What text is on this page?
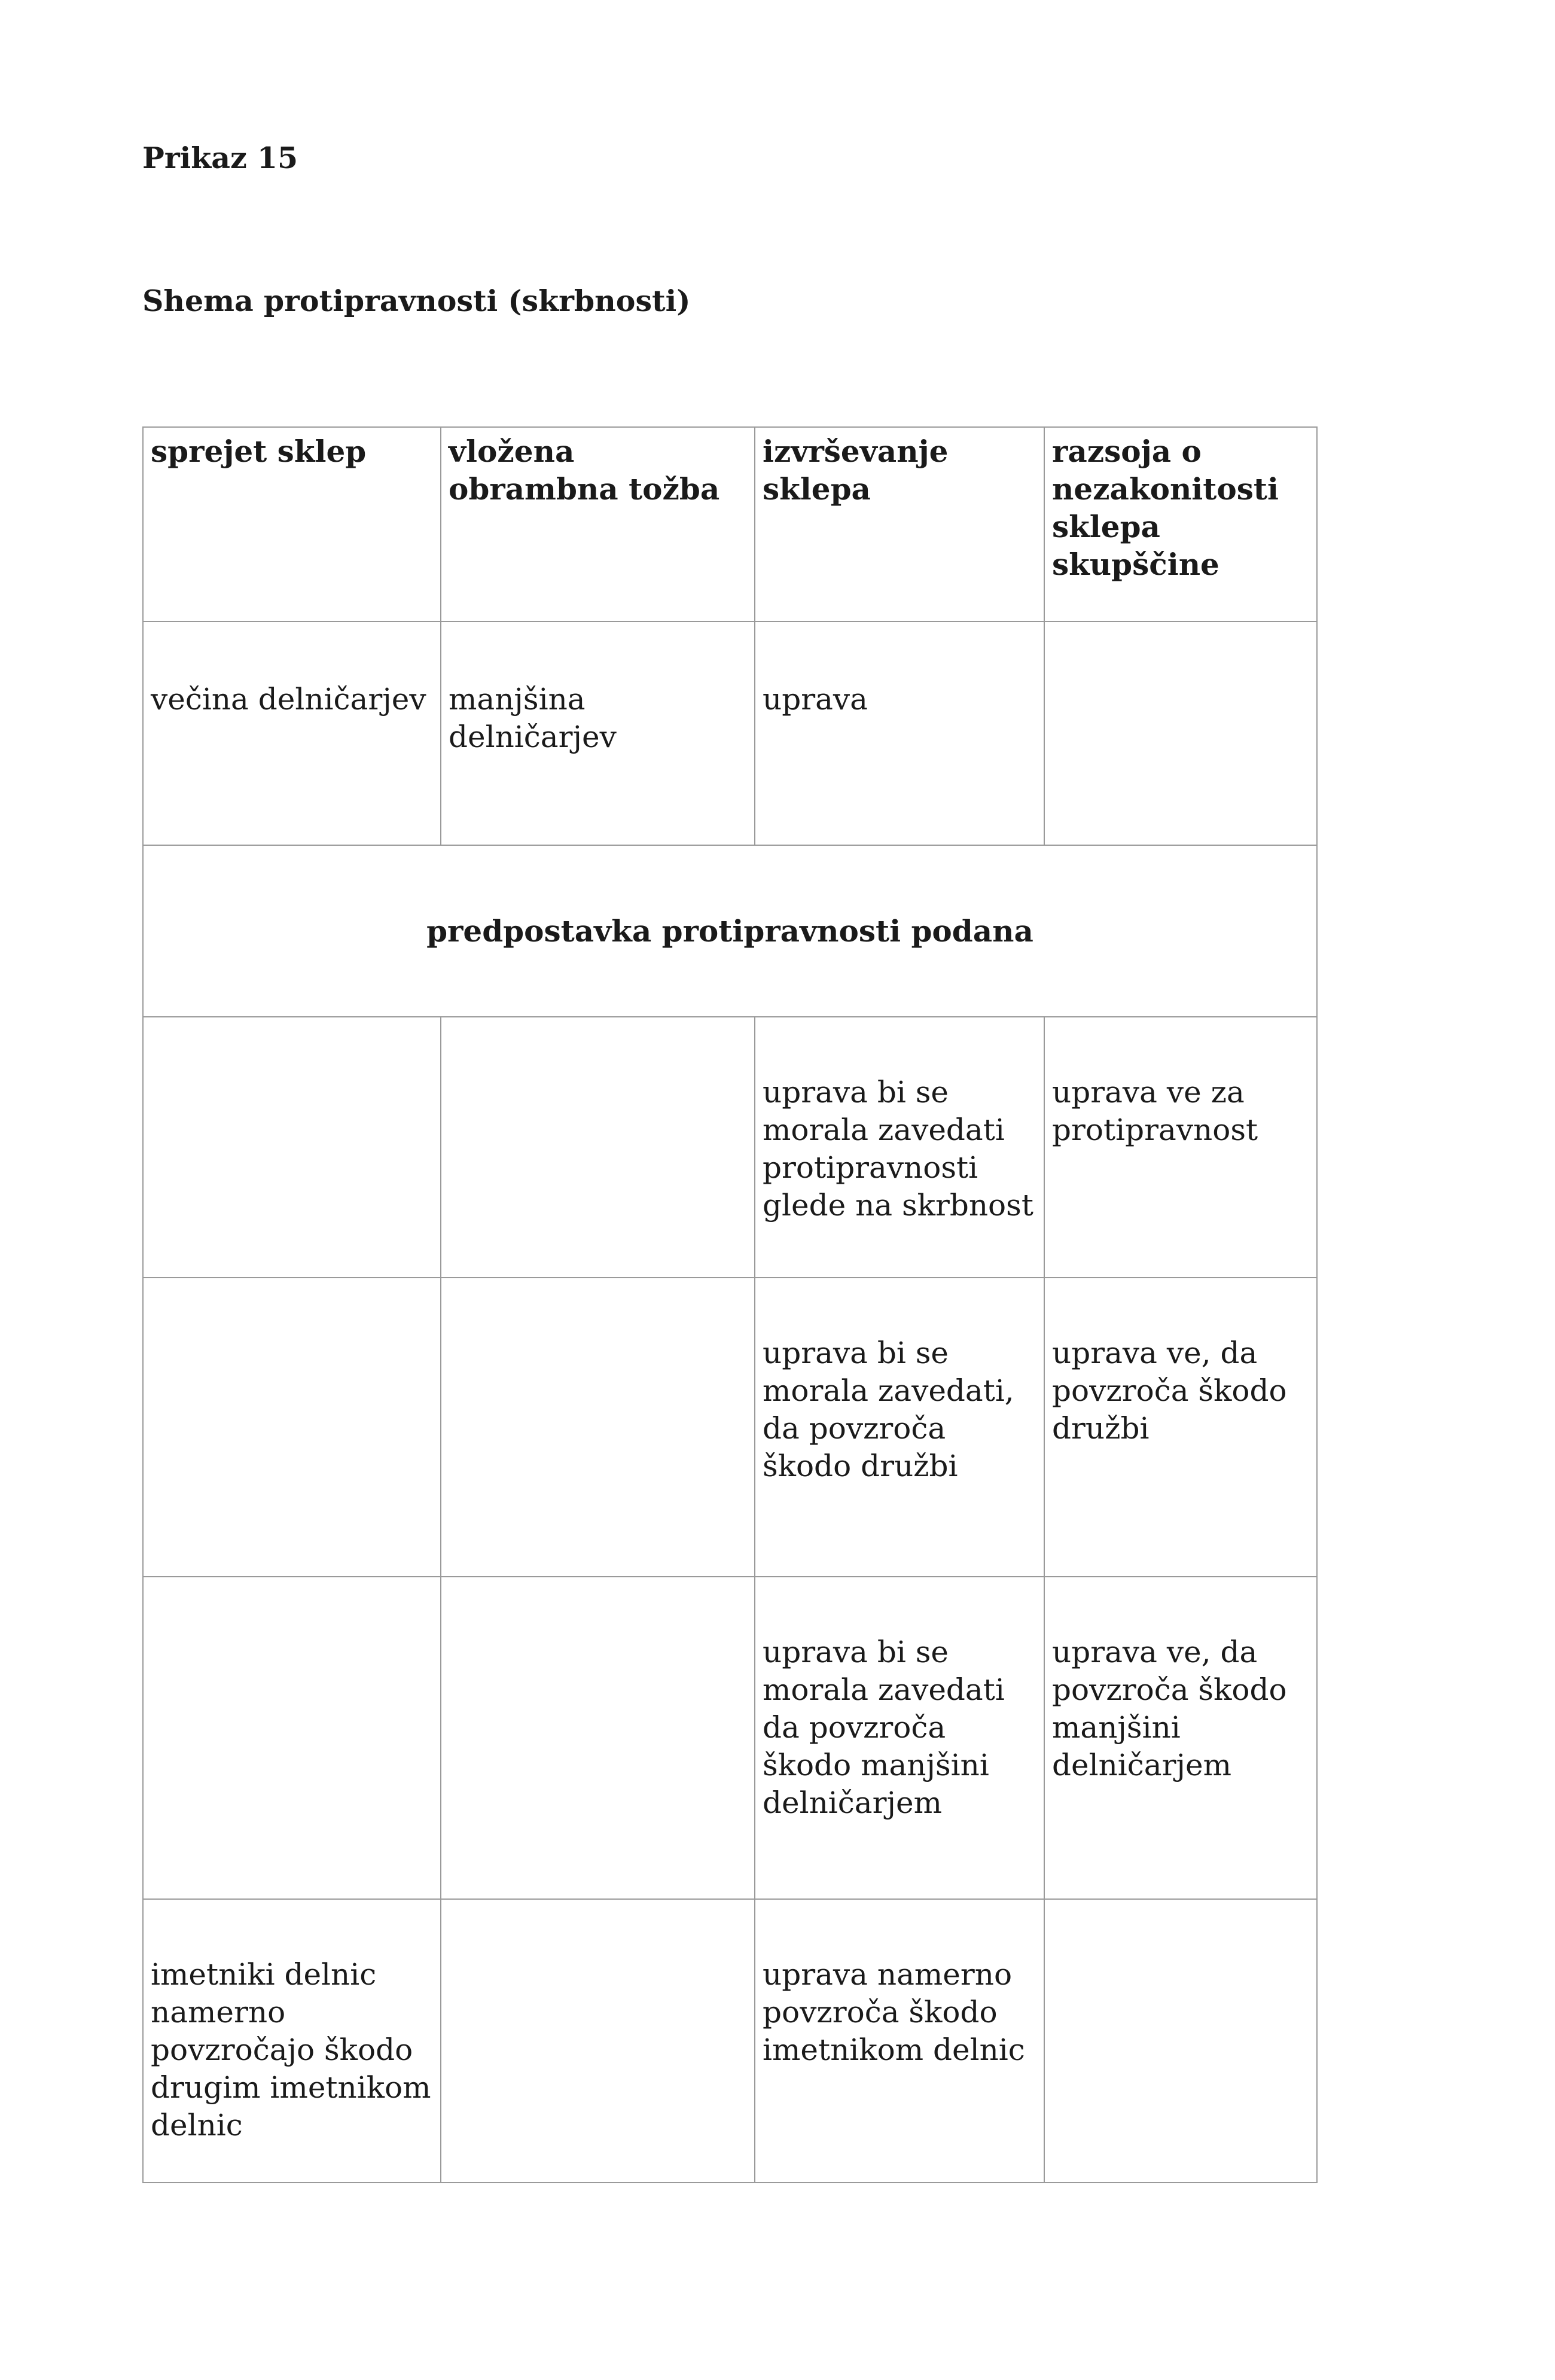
Prikaz 15

Shema protipravnosti (skrbnosti)

sprejet sklep	vložena obrambna tožba	izvrševanje sklepa	razsoja o nezakonitosti sklepa skupščine
večina delničarjev	manjšina delničarjev	uprava	
predpostavka protipravnosti podana			
		uprava bi se morala zavedati protipravnosti glede na skrbnost	uprava ve za protipravnost
		uprava bi se morala zavedati, da povzroča škodo družbi	uprava ve, da povzroča škodo družbi
		uprava bi se morala zavedati da povzroča škodo manjšini delničarjem	uprava ve, da povzroča škodo manjšini delničarjem
imetniki delnic namerno povzročajo škodo drugim imetnikom delnic		uprava namerno povzroča škodo imetnikom delnic	
